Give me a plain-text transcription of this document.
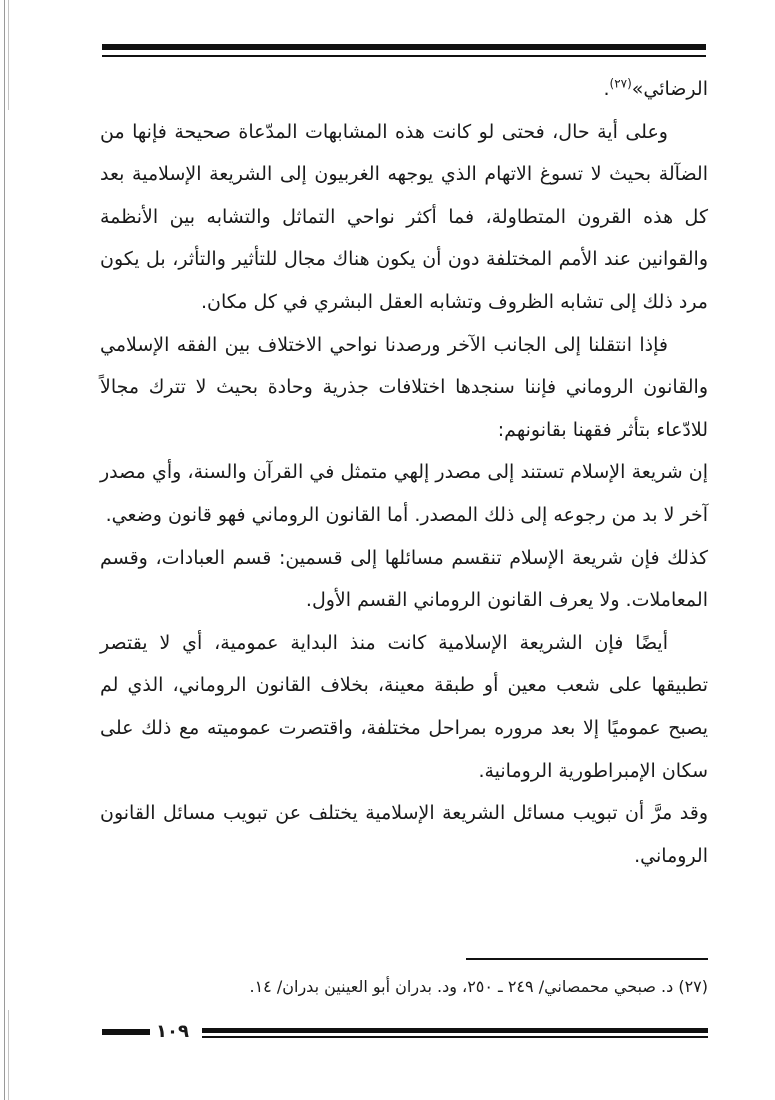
الرضائي»$^{(٢٧)}$.

وعلى أية حال، فحتى لو كانت هذه المشابهات المدّعاة صحيحة فإنها من الضآلة بحيث لا تسوغ الاتهام الذي يوجهه الغربيون إلى الشريعة الإسلامية بعد كل هذه القرون المتطاولة، فما أكثر نواحي التماثل والتشابه بين الأنظمة والقوانين عند الأمم المختلفة دون أن يكون هناك مجال للتأثير والتأثر، بل يكون مرد ذلك إلى تشابه الظروف وتشابه العقل البشري في كل مكان.

فإذا انتقلنا إلى الجانب الآخر ورصدنا نواحي الاختلاف بين الفقه الإسلامي والقانون الروماني فإننا سنجدها اختلافات جذرية وحادة بحيث لا تترك مجالاً للادّعاء بتأثر فقهنا بقانونهم:

إن شريعة الإسلام تستند إلى مصدر إلهي متمثل في القرآن والسنة، وأي مصدر آخر لا بد من رجوعه إلى ذلك المصدر. أما القانون الروماني فهو قانون وضعي.

كذلك فإن شريعة الإسلام تنقسم مسائلها إلى قسمين: قسم العبادات، وقسم المعاملات. ولا يعرف القانون الروماني القسم الأول.

أيضًا فإن الشريعة الإسلامية كانت منذ البداية عمومية، أي لا يقتصر تطبيقها على شعب معين أو طبقة معينة، بخلاف القانون الروماني، الذي لم يصبح عموميًا إلا بعد مروره بمراحل مختلفة، واقتصرت عموميته مع ذلك على سكان الإمبراطورية الرومانية.

وقد مرَّ أن تبويب مسائل الشريعة الإسلامية يختلف عن تبويب مسائل القانون الروماني.

(٢٧) د. صبحي محمصاني/ ٢٤٩ ـ ٢٥٠، ود. بدران أبو العينين بدران/ ١٤.
١٠٩
